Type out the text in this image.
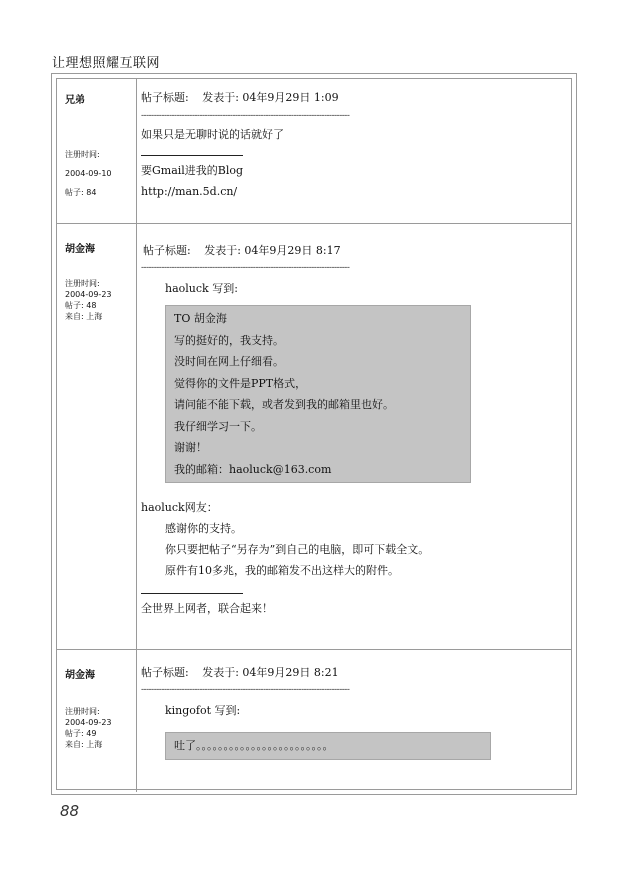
让理想照耀互联网
兄弟
注册时间:
2004-09-10
帖子: 84
帖子标题: 发表于: 04年9月29日 1:09
----------------------------------------------------------------------------------
如果只是无聊时说的话就好了
要Gmail进我的Blog
http://man.5d.cn/
胡金海
注册时间:
2004-09-23
帖子: 48
来自: 上海
帖子标题: 发表于: 04年9月29日 8:17
----------------------------------------------------------------------------------
haoluck 写到:
TO 胡金海
写的挺好的，我支持。
没时间在网上仔细看。
觉得你的文件是PPT格式，
请问能不能下载，或者发到我的邮箱里也好。
我仔细学习一下。
谢谢！
我的邮箱：haoluck@163.com
haoluck网友：
感谢你的支持。
你只要把帖子“另存为”到自己的电脑，即可下载全文。
原件有10多兆，我的邮箱发不出这样大的附件。
全世界上网者，联合起来！
胡金海
注册时间:
2004-09-23
帖子: 49
来自: 上海
帖子标题: 发表于: 04年9月29日 8:21
----------------------------------------------------------------------------------
kingofot 写到:
吐了。。。。。。。。。。。。。。。。。。。。。。。。
88
